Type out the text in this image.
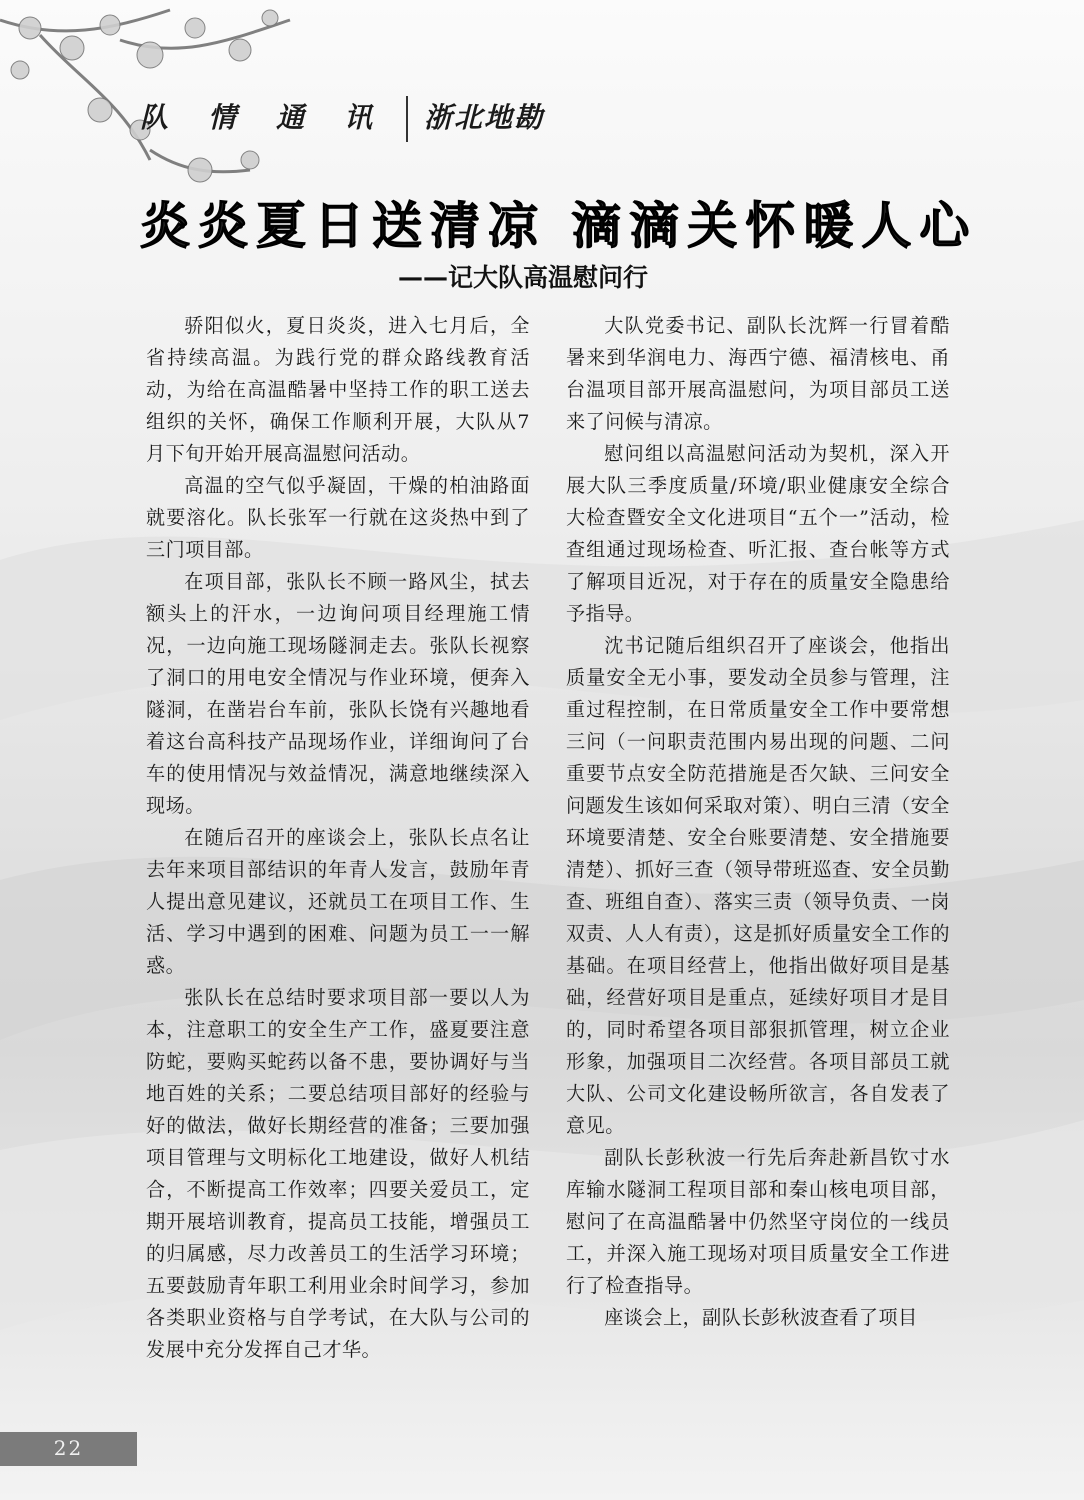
队 情 通 讯 浙北地勘
炎炎夏日送清凉 滴滴关怀暖人心
——记大队高温慰问行

骄阳似火，夏日炎炎，进入七月后，全省持续高温。为践行党的群众路线教育活动，为给在高温酷暑中坚持工作的职工送去组织的关怀，确保工作顺利开展，大队从7月下旬开始开展高温慰问活动。

高温的空气似乎凝固，干燥的柏油路面就要溶化。队长张军一行就在这炎热中到了三门项目部。

在项目部，张队长不顾一路风尘，拭去额头上的汗水，一边询问项目经理施工情况，一边向施工现场隧洞走去。张队长视察了洞口的用电安全情况与作业环境，便奔入隧洞，在凿岩台车前，张队长饶有兴趣地看着这台高科技产品现场作业，详细询问了台车的使用情况与效益情况，满意地继续深入现场。

在随后召开的座谈会上，张队长点名让去年来项目部结识的年青人发言，鼓励年青人提出意见建议，还就员工在项目工作、生活、学习中遇到的困难、问题为员工一一解惑。

张队长在总结时要求项目部一要以人为本，注意职工的安全生产工作，盛夏要注意防蛇，要购买蛇药以备不患，要协调好与当地百姓的关系；二要总结项目部好的经验与好的做法，做好长期经营的准备；三要加强项目管理与文明标化工地建设，做好人机结合，不断提高工作效率；四要关爱员工，定期开展培训教育，提高员工技能，增强员工的归属感，尽力改善员工的生活学习环境；五要鼓励青年职工利用业余时间学习，参加各类职业资格与自学考试，在大队与公司的发展中充分发挥自己才华。

大队党委书记、副队长沈辉一行冒着酷暑来到华润电力、海西宁德、福清核电、甬台温项目部开展高温慰问，为项目部员工送来了问候与清凉。

慰问组以高温慰问活动为契机，深入开展大队三季度质量/环境/职业健康安全综合大检查暨安全文化进项目“五个一”活动，检查组通过现场检查、听汇报、查台帐等方式了解项目近况，对于存在的质量安全隐患给予指导。

沈书记随后组织召开了座谈会，他指出质量安全无小事，要发动全员参与管理，注重过程控制，在日常质量安全工作中要常想三问（一问职责范围内易出现的问题、二问重要节点安全防范措施是否欠缺、三问安全问题发生该如何采取对策）、明白三清（安全环境要清楚、安全台账要清楚、安全措施要清楚）、抓好三查（领导带班巡查、安全员勤查、班组自查）、落实三责（领导负责、一岗双责、人人有责），这是抓好质量安全工作的基础。在项目经营上，他指出做好项目是基础，经营好项目是重点，延续好项目才是目的，同时希望各项目部狠抓管理，树立企业形象，加强项目二次经营。各项目部员工就大队、公司文化建设畅所欲言，各自发表了意见。

副队长彭秋波一行先后奔赴新昌钦寸水库输水隧洞工程项目部和秦山核电项目部，慰问了在高温酷暑中仍然坚守岗位的一线员工，并深入施工现场对项目质量安全工作进行了检查指导。

座谈会上，副队长彭秋波查看了项目

22
